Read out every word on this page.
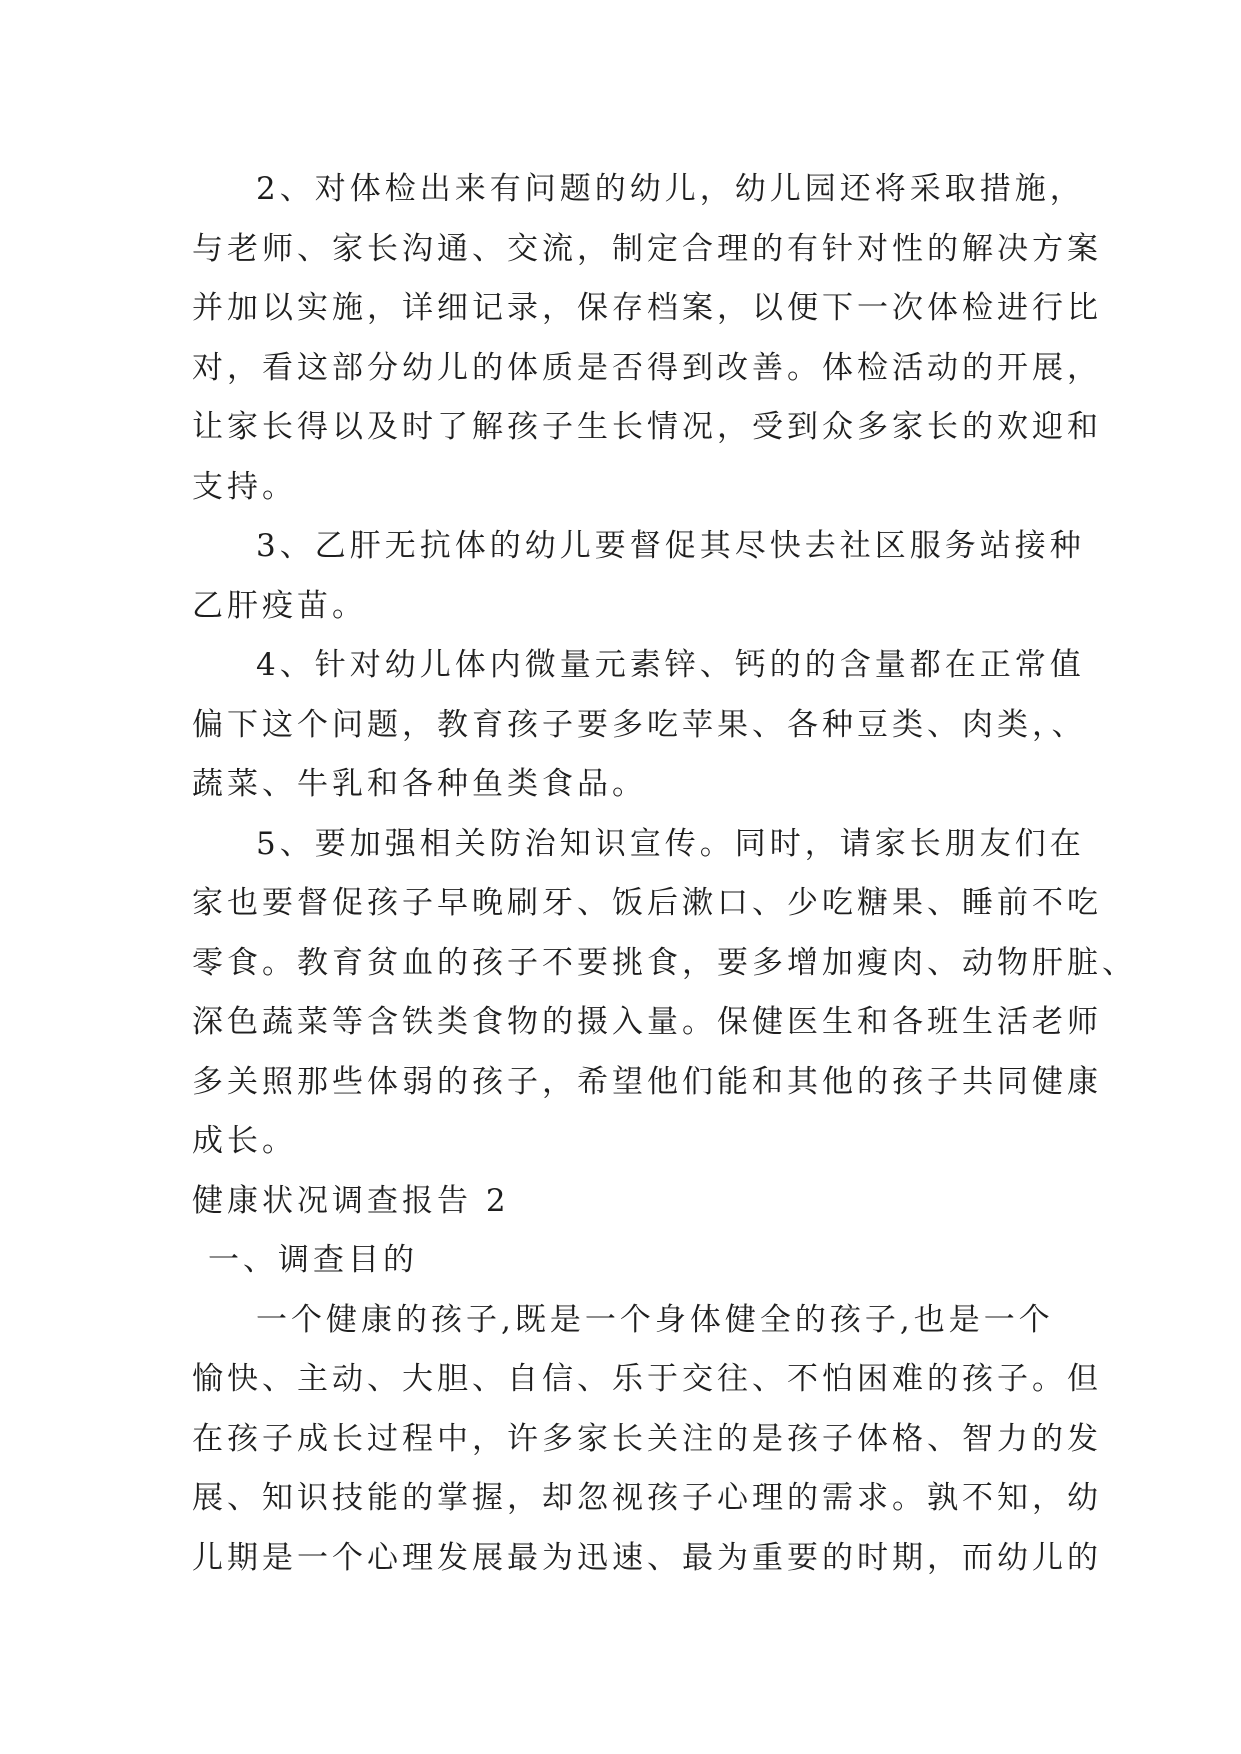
2、对体检出来有问题的幼儿，幼儿园还将采取措施，
与老师、家长沟通、交流，制定合理的有针对性的解决方案
并加以实施，详细记录，保存档案，以便下一次体检进行比
对，看这部分幼儿的体质是否得到改善。体检活动的开展，
让家长得以及时了解孩子生长情况，受到众多家长的欢迎和
支持。
3、乙肝无抗体的幼儿要督促其尽快去社区服务站接种
乙肝疫苗。
4、针对幼儿体内微量元素锌、钙的的含量都在正常值
偏下这个问题，教育孩子要多吃苹果、各种豆类、肉类，、
蔬菜、牛乳和各种鱼类食品。
5、要加强相关防治知识宣传。同时，请家长朋友们在
家也要督促孩子早晚刷牙、饭后漱口、少吃糖果、睡前不吃
零食。教育贫血的孩子不要挑食，要多增加瘦肉、动物肝脏、
深色蔬菜等含铁类食物的摄入量。保健医生和各班生活老师
多关照那些体弱的孩子，希望他们能和其他的孩子共同健康
成长。
健康状况调查报告 2
一、调查目的
一个健康的孩子,既是一个身体健全的孩子,也是一个
愉快、主动、大胆、自信、乐于交往、不怕困难的孩子。但
在孩子成长过程中，许多家长关注的是孩子体格、智力的发
展、知识技能的掌握，却忽视孩子心理的需求。孰不知，幼
儿期是一个心理发展最为迅速、最为重要的时期，而幼儿的
